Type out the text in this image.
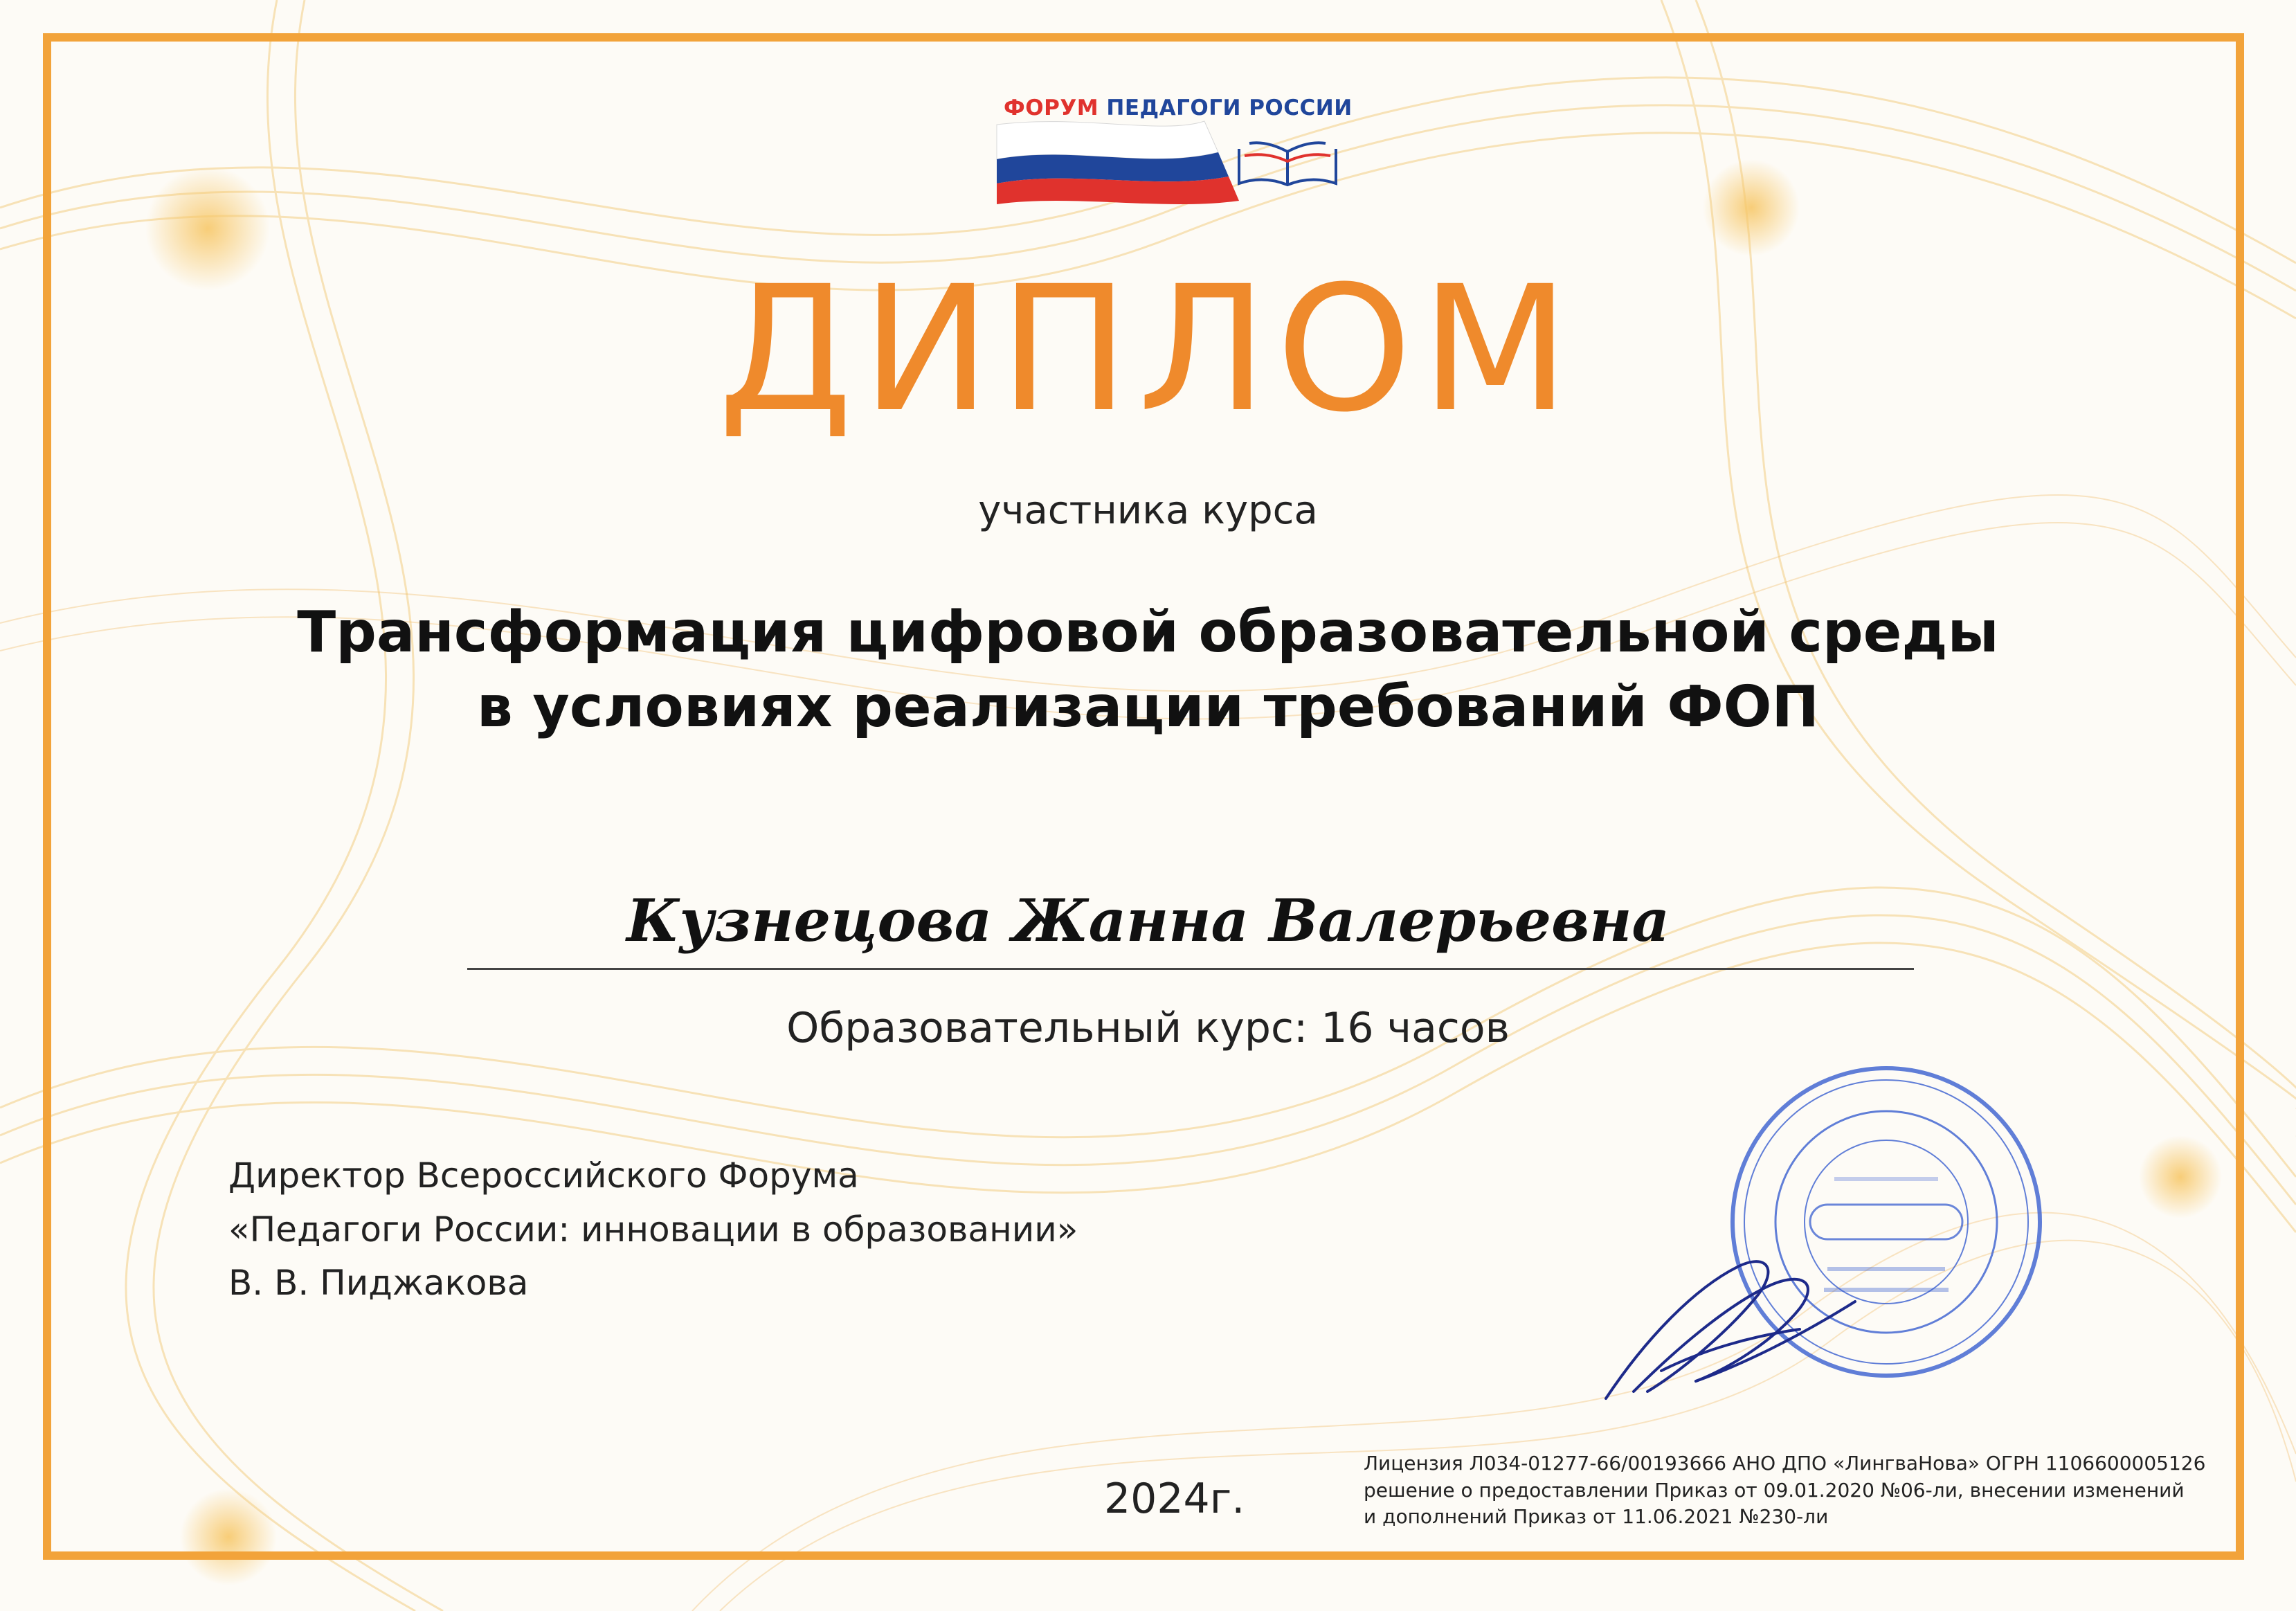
ФОРУМ ПЕДАГОГИ РОССИИ
ДИПЛОМ
участника курса
Трансформация цифровой образовательной среды
в условиях реализации требований ФОП
Кузнецова Жанна Валерьевна
Образовательный курс: 16 часов
Директор Всероссийского Форума
«Педагоги России: инновации в образовании»
В. В. Пиджакова
2024г.
Лицензия Л034-01277-66/00193666 АНО ДПО «ЛингваНова» ОГРН 1106600005126
решение о предоставлении Приказ от 09.01.2020 №06-ли, внесении изменений
и дополнений Приказ от 11.06.2021 №230-ли
